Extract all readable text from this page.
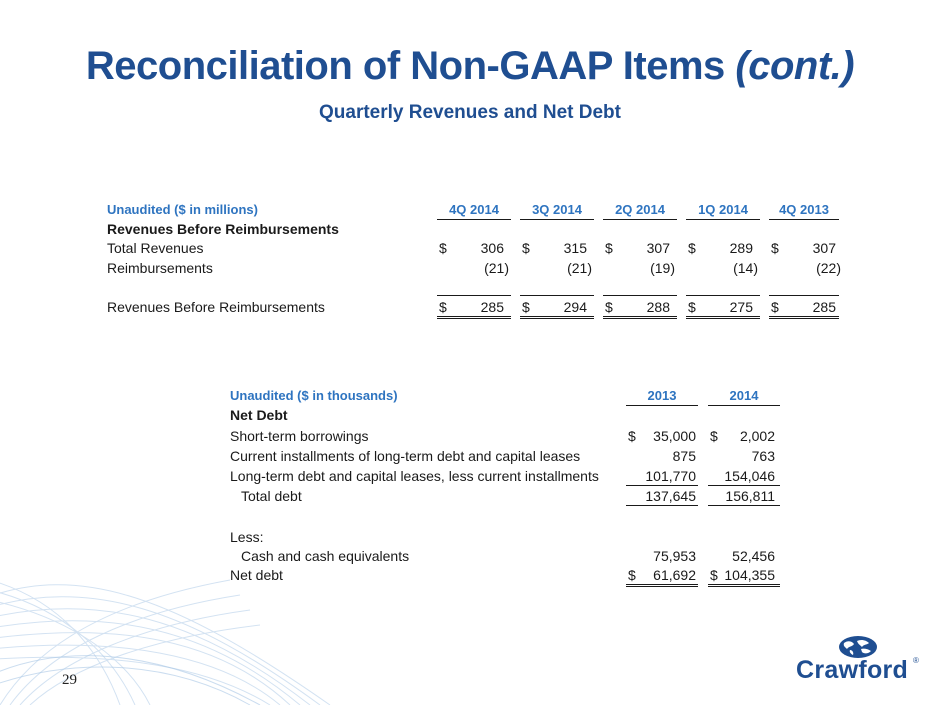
Reconciliation of Non-GAAP Items (cont.)
Quarterly Revenues and Net Debt
Unaudited ($ in millions)	4Q 2014	3Q 2014	2Q 2014	1Q 2014	4Q 2013
Revenues Before Reimbursements
Total Revenues	$	306 $	315 $	307 $	289 $	307
Reimbursements	(21)	(21)	(19)	(14)	(22)
Revenues Before Reimbursements	$	285 $	294 $	288 $	275 $	285
Unaudited ($ in thousands)	2013	2014
Net Debt
Short-term borrowings	$	35,000 $	2,002
Current installments of long-term debt and capital leases	875	763
Long-term debt and capital leases, less current installments	101,770	154,046
Total debt	137,645	156,811
Less:
Cash and cash equivalents	75,953	52,456
Net debt	$	61,692 $ 104,355
29	Crawford ®
